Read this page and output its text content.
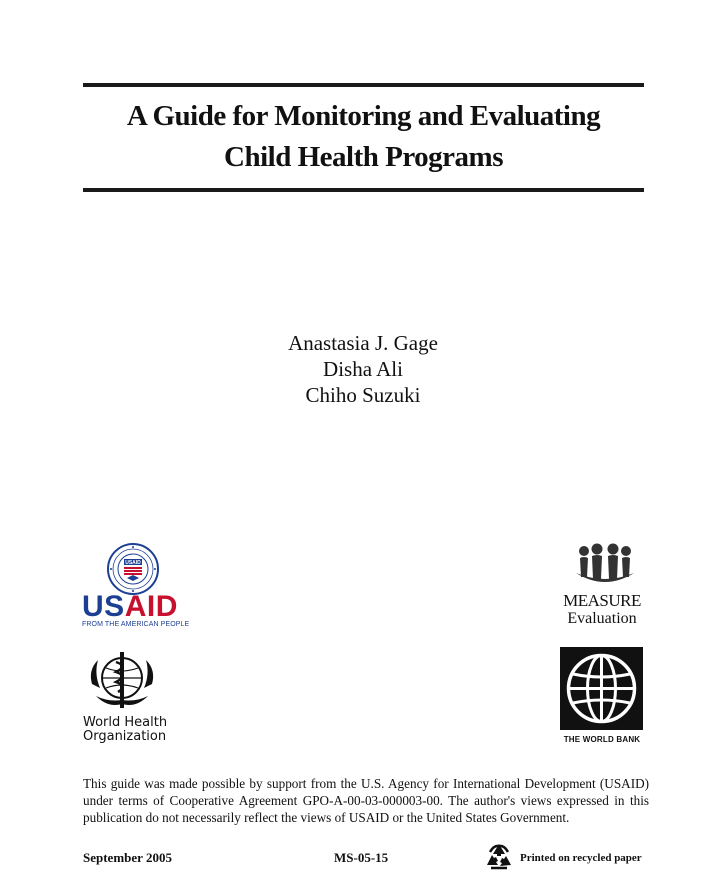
A Guide for Monitoring and Evaluating
Child Health Programs
Anastasia J. Gage
Disha Ali
Chiho Suzuki
USAID
USAID
FROM THE AMERICAN PEOPLE
World Health
Organization
MEASURE
Evaluation
THE WORLD BANK
This guide was made possible by support from the U.S. Agency for International Development (USAID) under terms of Cooperative Agreement GPO-A-00-03-000003-00. The author's views expressed in this publication do not necessarily reflect the views of USAID or the United States Government.
September 2005	MS-05-15	Printed on recycled paper
